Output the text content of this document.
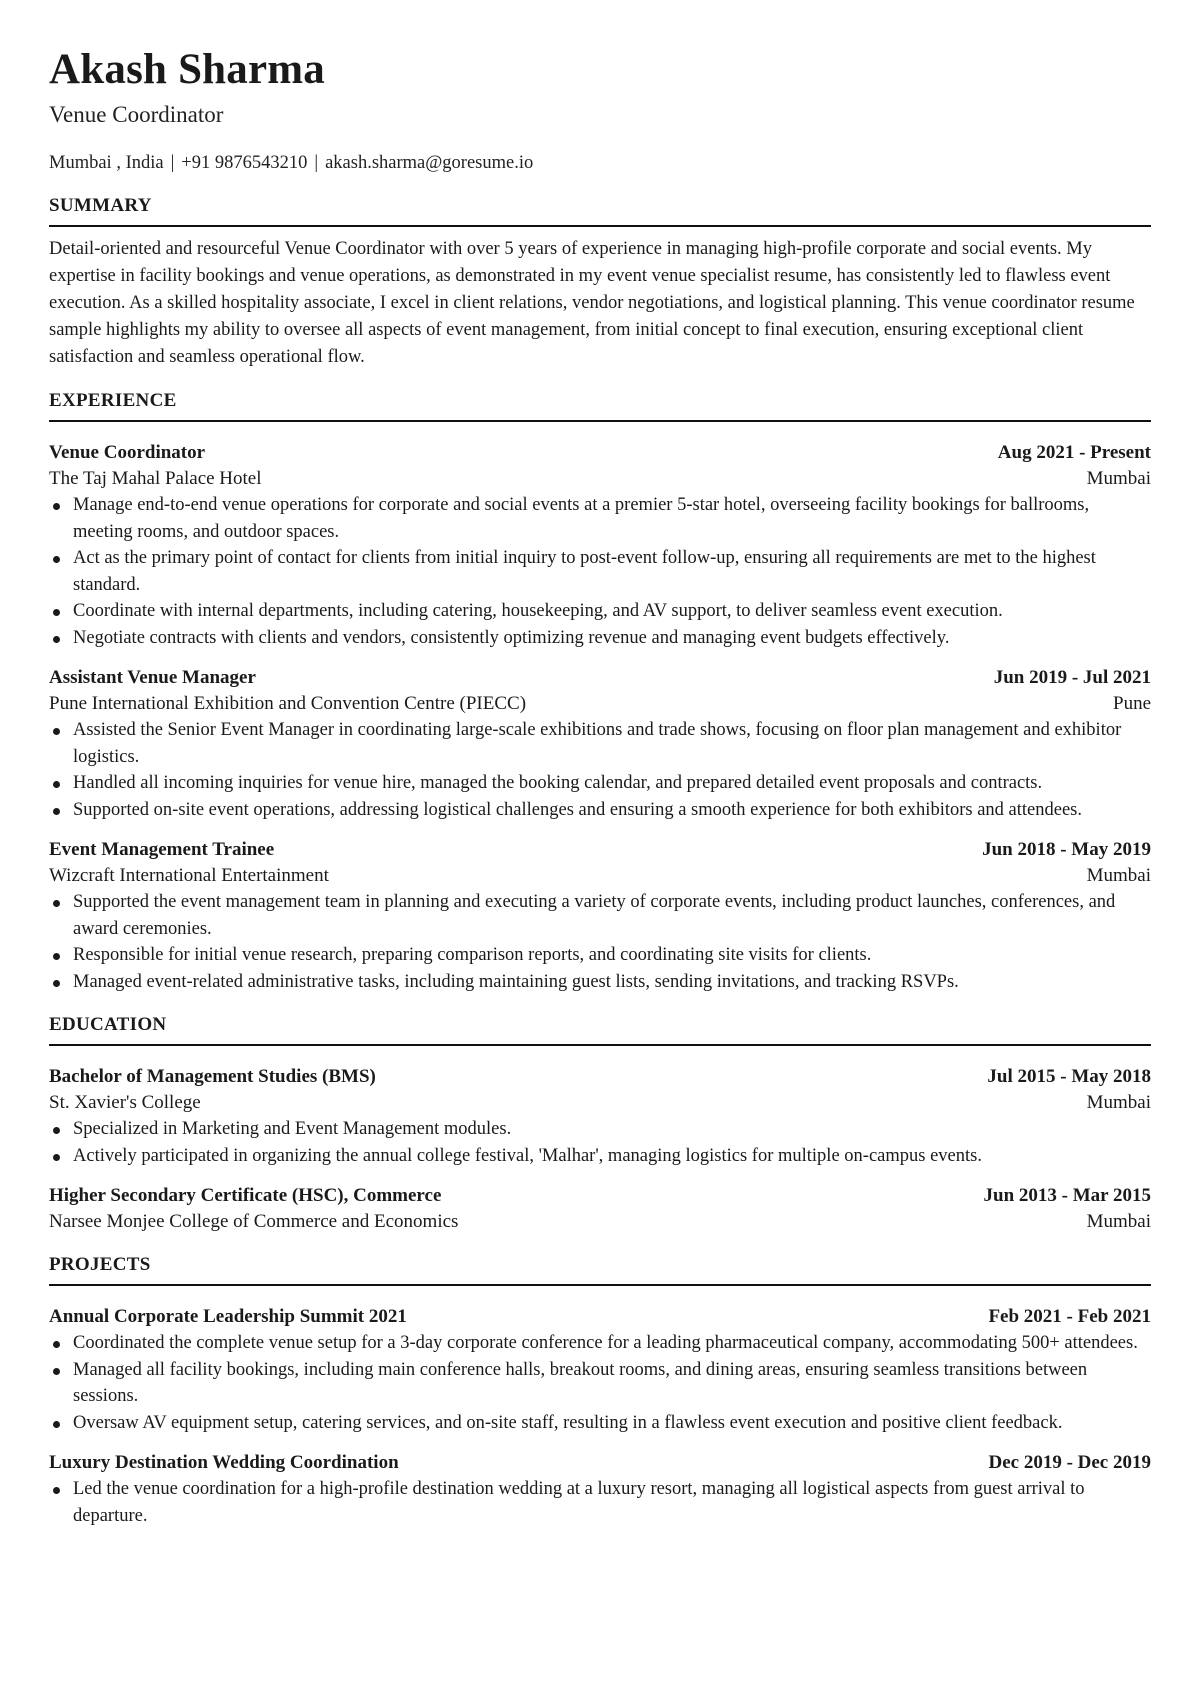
Akash Sharma
Venue Coordinator
Mumbai , India | +91 9876543210 | akash.sharma@goresume.io
SUMMARY

Detail-oriented and resourceful Venue Coordinator with over 5 years of experience in managing high-profile corporate and social events. My expertise in facility bookings and venue operations, as demonstrated in my event venue specialist resume, has consistently led to flawless event execution. As a skilled hospitality associate, I excel in client relations, vendor negotiations, and logistical planning. This venue coordinator resume sample highlights my ability to oversee all aspects of event management, from initial concept to final execution, ensuring exceptional client satisfaction and seamless operational flow.

EXPERIENCE
Venue Coordinator	Aug 2021 - Present
The Taj Mahal Palace Hotel	Mumbai
Manage end-to-end venue operations for corporate and social events at a premier 5-star hotel, overseeing facility bookings for ballrooms, meeting rooms, and outdoor spaces.
Act as the primary point of contact for clients from initial inquiry to post-event follow-up, ensuring all requirements are met to the highest standard.
Coordinate with internal departments, including catering, housekeeping, and AV support, to deliver seamless event execution.
Negotiate contracts with clients and vendors, consistently optimizing revenue and managing event budgets effectively.
Assistant Venue Manager	Jun 2019 - Jul 2021
Pune International Exhibition and Convention Centre (PIECC)	Pune
Assisted the Senior Event Manager in coordinating large-scale exhibitions and trade shows, focusing on floor plan management and exhibitor logistics.
Handled all incoming inquiries for venue hire, managed the booking calendar, and prepared detailed event proposals and contracts.
Supported on-site event operations, addressing logistical challenges and ensuring a smooth experience for both exhibitors and attendees.
Event Management Trainee	Jun 2018 - May 2019
Wizcraft International Entertainment	Mumbai
Supported the event management team in planning and executing a variety of corporate events, including product launches, conferences, and award ceremonies.
Responsible for initial venue research, preparing comparison reports, and coordinating site visits for clients.
Managed event-related administrative tasks, including maintaining guest lists, sending invitations, and tracking RSVPs.
EDUCATION
Bachelor of Management Studies (BMS)	Jul 2015 - May 2018
St. Xavier's College	Mumbai
Specialized in Marketing and Event Management modules.
Actively participated in organizing the annual college festival, 'Malhar', managing logistics for multiple on-campus events.
Higher Secondary Certificate (HSC), Commerce	Jun 2013 - Mar 2015
Narsee Monjee College of Commerce and Economics	Mumbai
PROJECTS
Annual Corporate Leadership Summit 2021	Feb 2021 - Feb 2021
Coordinated the complete venue setup for a 3-day corporate conference for a leading pharmaceutical company, accommodating 500+ attendees.
Managed all facility bookings, including main conference halls, breakout rooms, and dining areas, ensuring seamless transitions between sessions.
Oversaw AV equipment setup, catering services, and on-site staff, resulting in a flawless event execution and positive client feedback.
Luxury Destination Wedding Coordination	Dec 2019 - Dec 2019
Led the venue coordination for a high-profile destination wedding at a luxury resort, managing all logistical aspects from guest arrival to departure.
